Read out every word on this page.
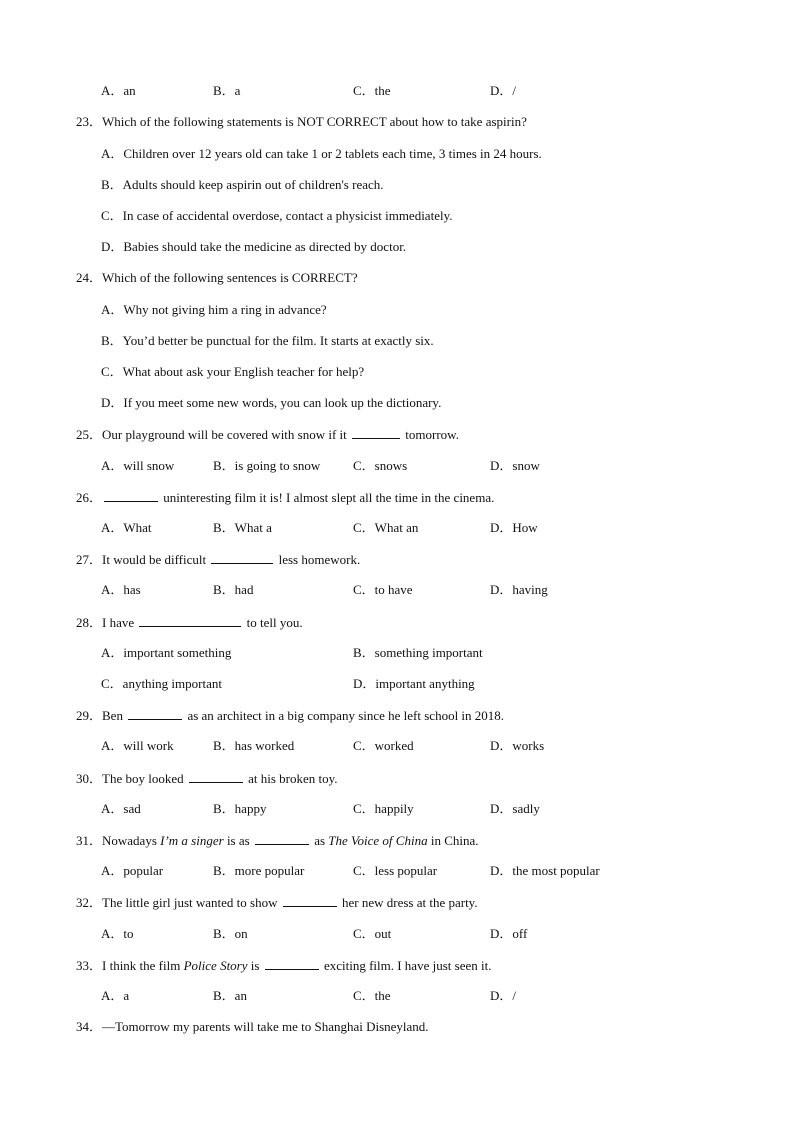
A．an	B．a	C．the	D．/
23．Which of the following statements is NOT CORRECT about how to take aspirin?
A．Children over 12 years old can take 1 or 2 tablets each time, 3 times in 24 hours.
B．Adults should keep aspirin out of children's reach.
C．In case of accidental overdose, contact a physicist immediately.
D．Babies should take the medicine as directed by doctor.
24．Which of the following sentences is CORRECT?
A．Why not giving him a ring in advance?
B．You’d better be punctual for the film. It starts at exactly six.
C．What about ask your English teacher for help?
D．If you meet some new words, you can look up the dictionary.
25．Our playground will be covered with snow if it	tomorrow.
A．will snow	B．is going to snow	C．snows	D．snow
26．	uninteresting film it is! I almost slept all the time in the cinema.
A．What	B．What a	C．What an	D．How
27．It would be difficult	less homework.
A．has	B．had	C．to have	D．having
28．I have	to tell you.
A．important something	B．something important
C．anything important	D．important anything
29．Ben	as an architect in a big company since he left school in 2018.
A．will work	B．has worked	C．worked	D．works
30．The boy looked	at his broken toy.
A．sad	B．happy	C．happily	D．sadly
31．Nowadays I’m a singer is as	as The Voice of China in China.
A．popular	B．more popular	C．less popular	D．the most popular
32．The little girl just wanted to show	her new dress at the party.
A．to	B．on	C．out	D．off
33．I think the film Police Story is	exciting film. I have just seen it.
A．a	B．an	C．the	D．/
34．—Tomorrow my parents will take me to Shanghai Disneyland.
